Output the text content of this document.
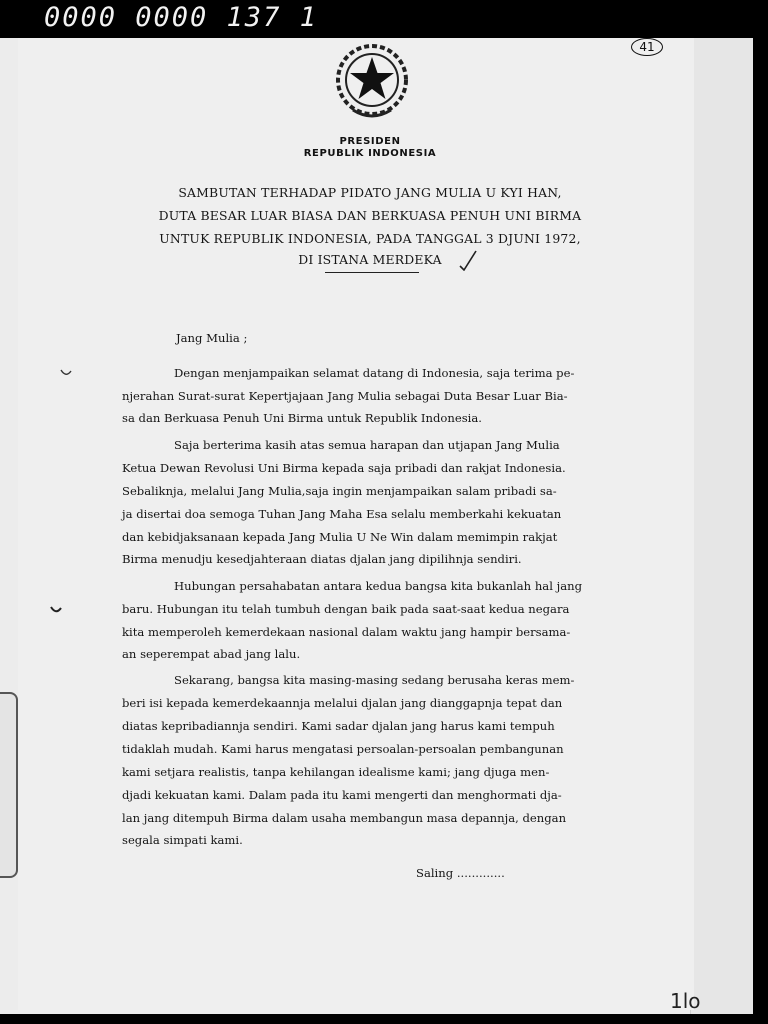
0000 0000 137 1
41
PRESIDEN
REPUBLIK INDONESIA
SAMBUTAN TERHADAP PIDATO JANG MULIA U KYI HAN,
DUTA BESAR LUAR BIASA DAN BERKUASA PENUH UNI BIRMA
UNTUK REPUBLIK INDONESIA, PADA TANGGAL 3 DJUNI 1972,
DI ISTANA MERDEKA
Jang Mulia ;
Dengan menjampaikan selamat datang di Indonesia, saja terima pe-
njerahan Surat-surat Kepertjajaan Jang Mulia sebagai Duta Besar Luar Bia-
sa dan Berkuasa Penuh Uni Birma untuk Republik Indonesia.
Saja berterima kasih atas semua harapan dan utjapan Jang Mulia
Ketua Dewan Revolusi Uni Birma kepada saja pribadi dan rakjat Indonesia.
Sebaliknja, melalui Jang Mulia,saja ingin menjampaikan salam pribadi sa-
ja disertai doa semoga Tuhan Jang Maha Esa selalu memberkahi kekuatan
dan kebidjaksanaan kepada Jang Mulia U Ne Win dalam memimpin rakjat
Birma menudju kesedjahteraan diatas djalan jang dipilihnja sendiri.
Hubungan persahabatan antara kedua bangsa kita bukanlah hal jang
baru. Hubungan itu telah tumbuh dengan baik pada saat-saat kedua negara
kita memperoleh kemerdekaan nasional dalam waktu jang hampir bersama-
an seperempat abad jang lalu.
Sekarang, bangsa kita masing-masing sedang berusaha keras mem-
beri isi kepada kemerdekaannja melalui djalan jang dianggapnja tepat dan
diatas kepribadiannja sendiri. Kami sadar djalan jang harus kami tempuh
tidaklah mudah. Kami harus mengatasi persoalan-persoalan pembangunan
kami setjara realistis, tanpa kehilangan idealisme kami; jang djuga men-
djadi kekuatan kami. Dalam pada itu kami mengerti dan menghormati dja-
lan jang ditempuh Birma dalam usaha membangun masa depannja, dengan
segala simpati kami.
Saling .............
1lo
